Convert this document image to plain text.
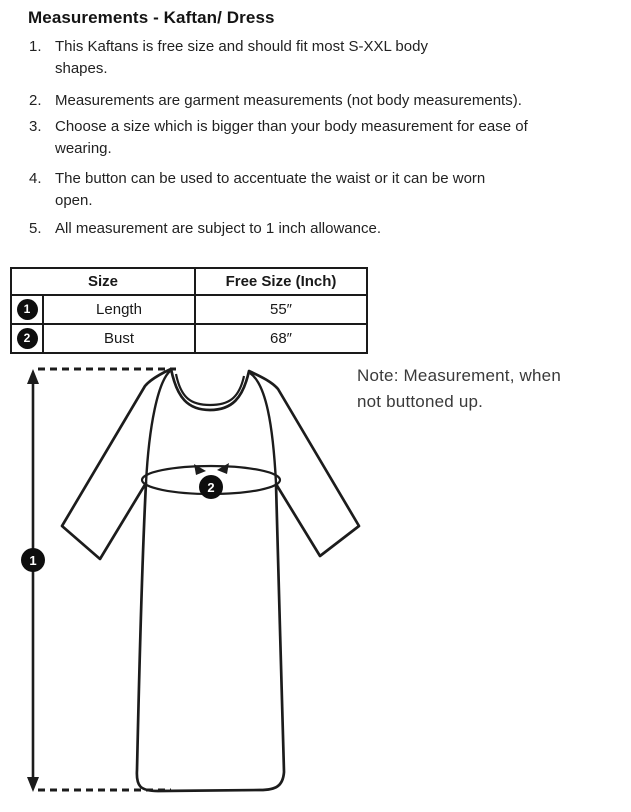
Measurements - Kaftan/ Dress
1. This Kaftans is free size and should fit most S-XXL body
shapes.
2. Measurements are garment measurements (not body measurements).
3. Choose a size which is bigger than your body measurement for ease of
wearing.
4. The button can be used to accentuate the waist or it can be worn
open.
5. All measurement are subject to 1 inch allowance.
Size		Free Size (Inch)

1	Length	55″

2	Bust	68″
Note: Measurement, when
not buttoned up.
1
2
